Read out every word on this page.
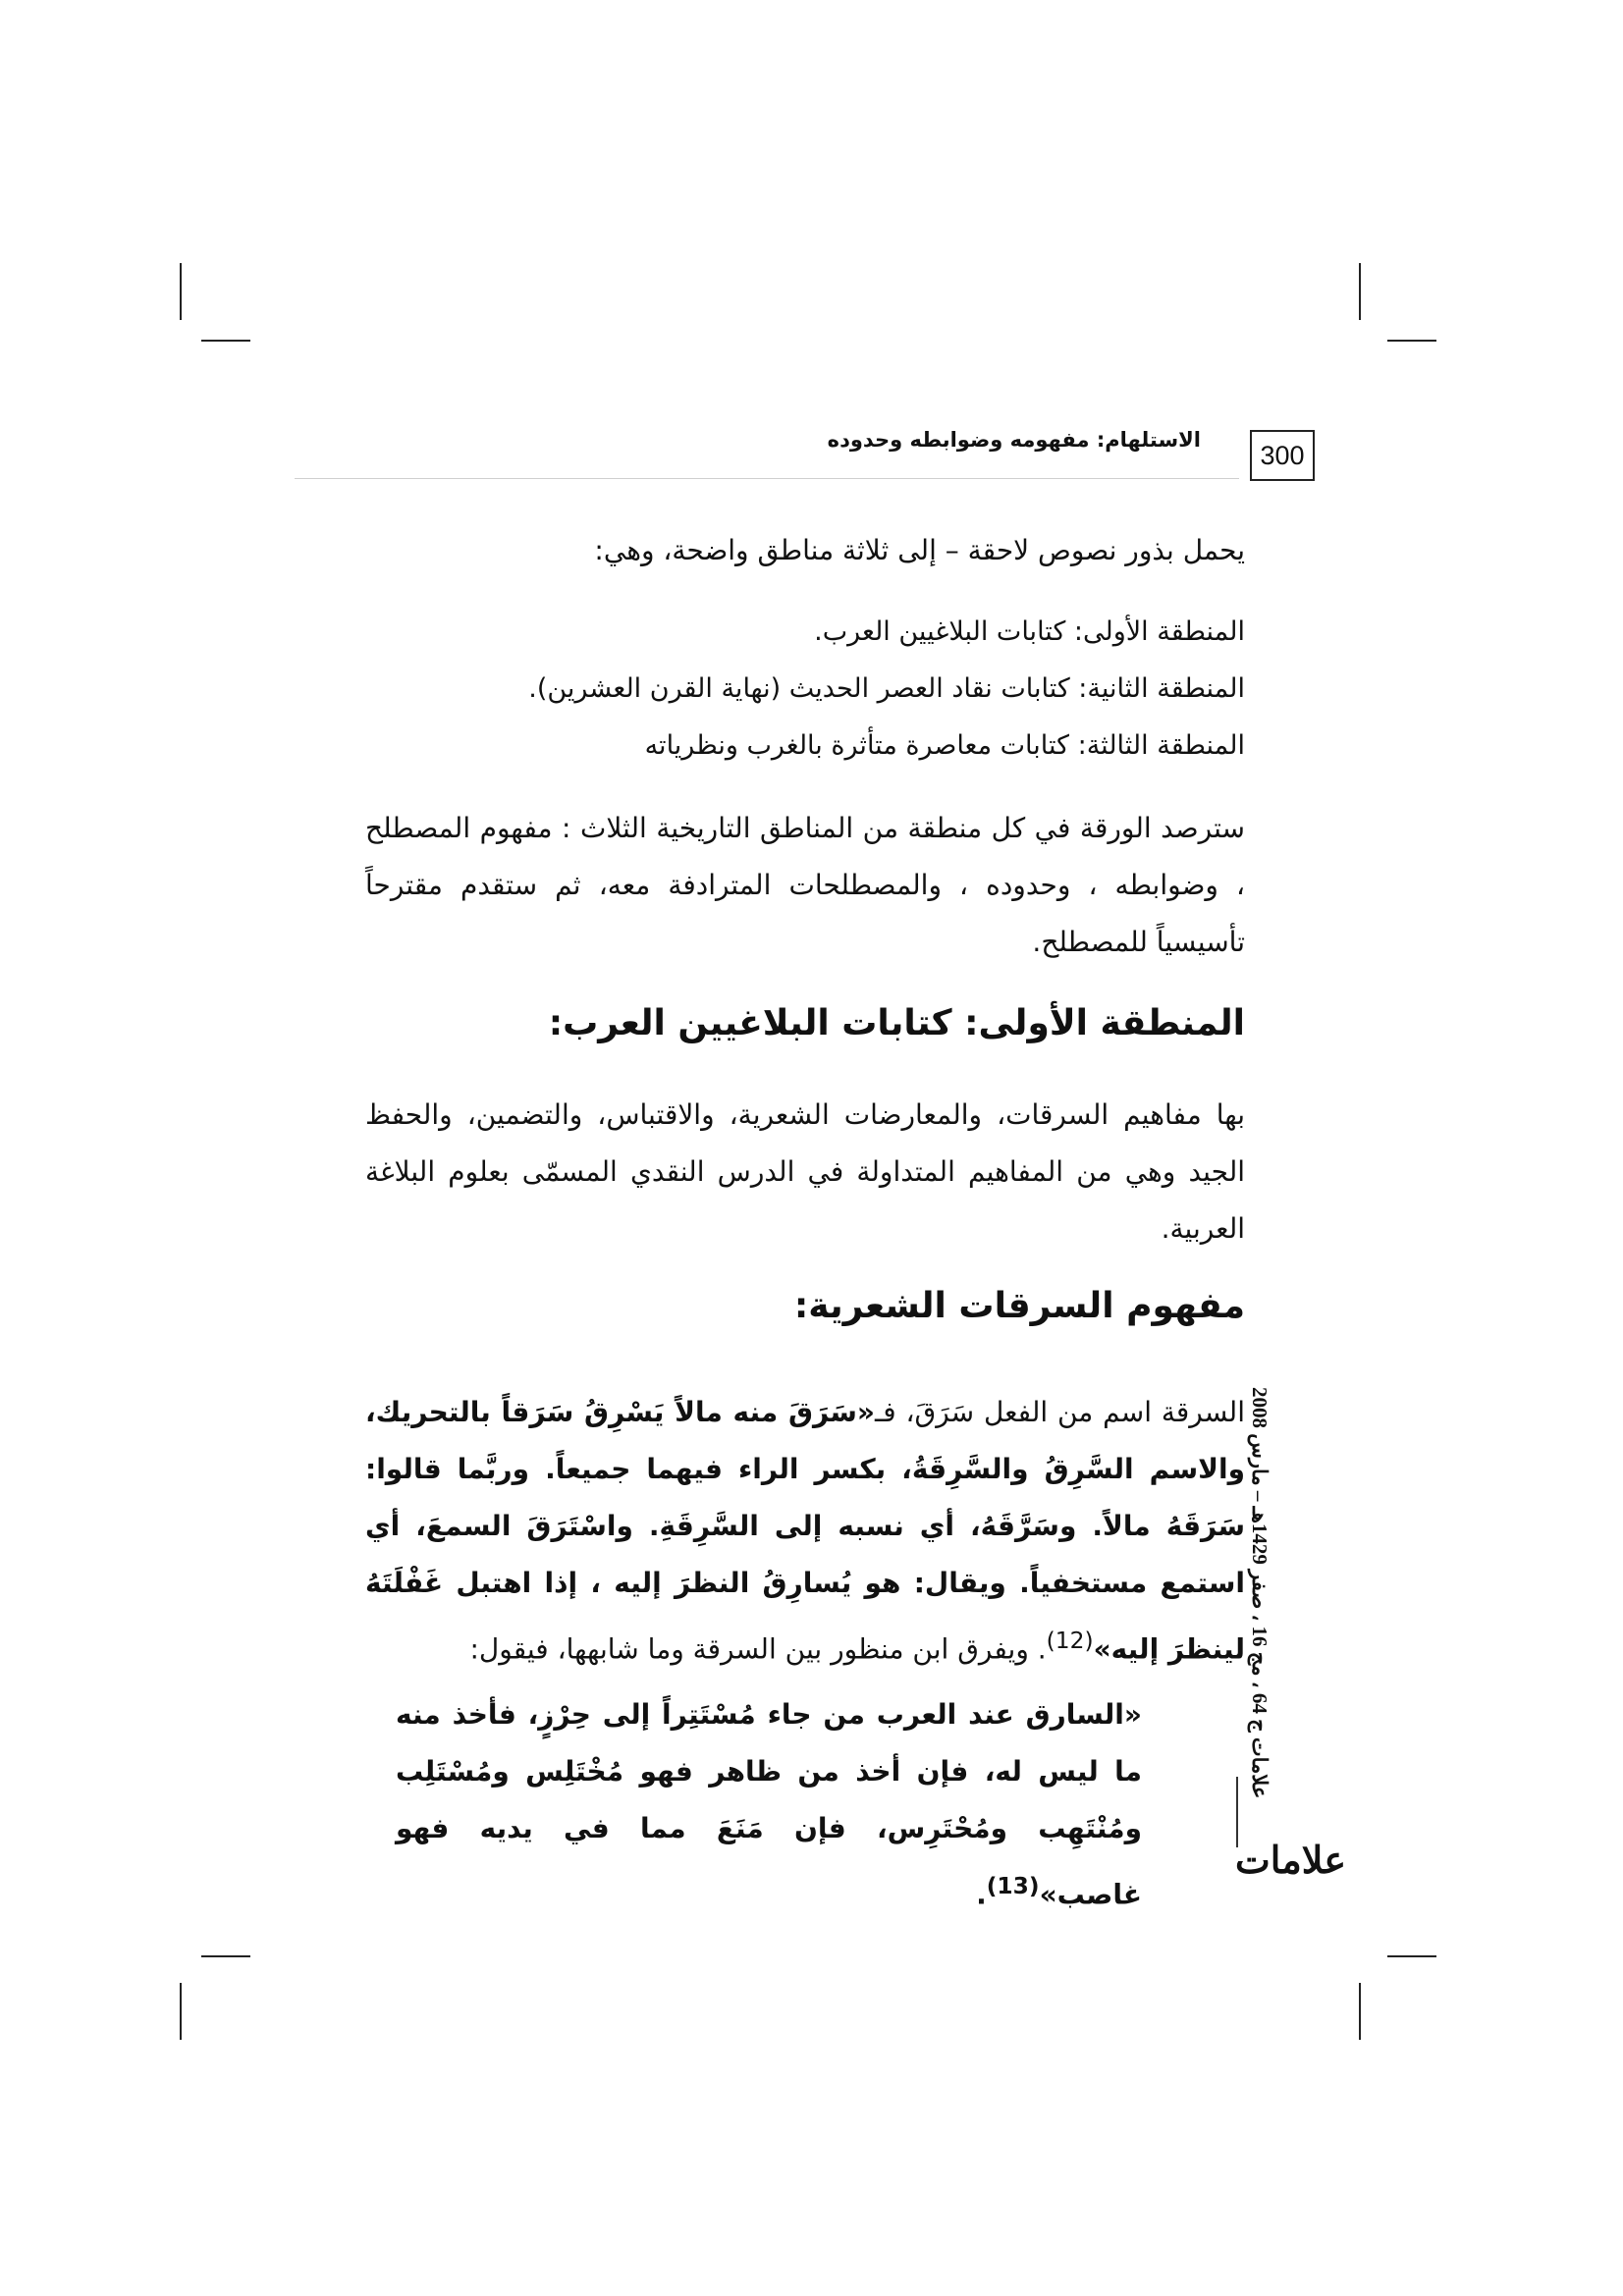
الاستلهام: مفهومه وضوابطه وحدوده
300
يحمل بذور نصوص لاحقة – إلى ثلاثة مناطق واضحة، وهي:
المنطقة الأولى: كتابات البلاغيين العرب.
المنطقة الثانية: كتابات نقاد العصر الحديث (نهاية القرن العشرين).
المنطقة الثالثة: كتابات معاصرة متأثرة بالغرب ونظرياته
سترصد الورقة في كل منطقة من المناطق التاريخية الثلاث : مفهوم المصطلح ، وضوابطه ، وحدوده ، والمصطلحات المترادفة معه، ثم ستقدم مقترحاً تأسيسياً للمصطلح.
المنطقة الأولى: كتابات البلاغيين العرب:
بها مفاهيم السرقات، والمعارضات الشعرية، والاقتباس، والتضمين، والحفظ الجيد وهي من المفاهيم المتداولة في الدرس النقدي المسمّى بعلوم البلاغة العربية.
مفهوم السرقات الشعرية:
السرقة اسم من الفعل سَرَقَ، فـ«سَرَقَ منه مالاً يَسْرِقُ سَرَقاً بالتحريك، والاسم السَّرِقُ والسَّرِقَةُ، بكسر الراء فيهما جميعاً. وربَّما قالوا: سَرَقَهُ مالاً. وسَرَّقَهُ، أي نسبه إلى السَّرِقَةِ. واسْتَرَقَ السمعَ، أي استمع مستخفياً. ويقال: هو يُسارِقُ النظرَ إليه ، إذا اهتبل غَفْلَتَهُ لينظرَ إليه»$^{(12)}$. ويفرق ابن منظور بين السرقة وما شابهها، فيقول:
«السارق عند العرب من جاء مُسْتَتِراً إلى حِرْزٍ، فأخذ منه ما ليس له، فإن أخذ من ظاهر فهو مُخْتَلِس ومُسْتَلِب ومُنْتَهِب ومُحْتَرِس، فإن مَنَعَ مما في يديه فهو غاصب»$^{(13)}$.
علامات ج 64 ، مج 16 ، صفر 1429هـ – مارس 2008
علامات
